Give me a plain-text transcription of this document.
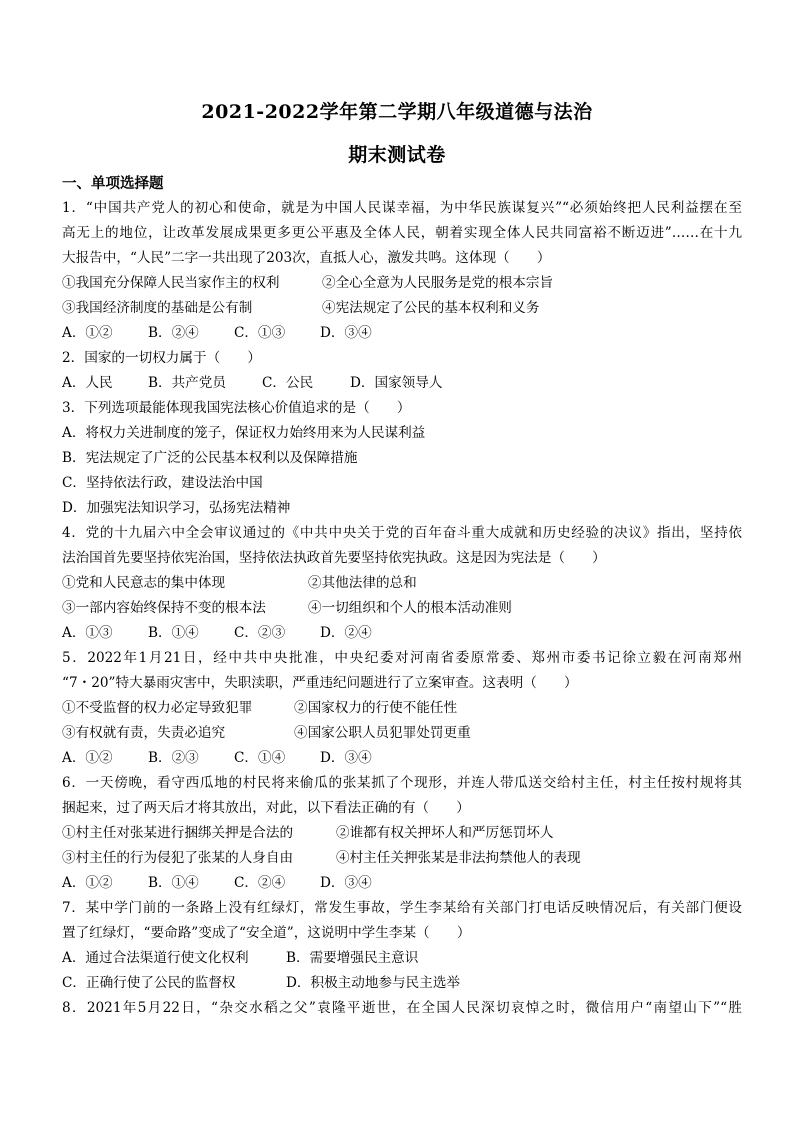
2021-2022学年第二学期八年级道德与法治
期末测试卷
一、单项选择题
1．“中国共产党人的初心和使命，就是为中国人民谋幸福，为中华民族谋复兴”“必须始终把人民利益摆在至
高无上的地位，让改革发展成果更多更公平惠及全体人民，朝着实现全体人民共同富裕不断迈进”……在十九
大报告中，“人民”二字一共出现了203次，直抵人心，激发共鸣。这体现（　　）
①我国充分保障人民当家作主的权利	②全心全意为人民服务是党的根本宗旨
③我国经济制度的基础是公有制	④宪法规定了公民的基本权利和义务
A．①②	B．②④	C．①③	D．③④
2．国家的一切权力属于（　　）
A．人民	B．共产党员	C．公民	D．国家领导人
3．下列选项最能体现我国宪法核心价值追求的是（　　）
A．将权力关进制度的笼子，保证权力始终用来为人民谋利益
B．宪法规定了广泛的公民基本权利以及保障措施
C．坚持依法行政，建设法治中国
D．加强宪法知识学习，弘扬宪法精神
4．党的十九届六中全会审议通过的《中共中央关于党的百年奋斗重大成就和历史经验的决议》指出，坚持依
法治国首先要坚持依宪治国，坚持依法执政首先要坚持依宪执政。这是因为宪法是（　　）
①党和人民意志的集中体现	②其他法律的总和
③一部内容始终保持不变的根本法	④一切组织和个人的根本活动准则
A．①③	B．①④	C．②③	D．②④
5．2022年1月21日，经中共中央批准，中央纪委对河南省委原常委、郑州市委书记徐立毅在河南郑州
“7・20”特大暴雨灾害中，失职渎职，严重违纪问题进行了立案审查。这表明（　　）
①不受监督的权力必定导致犯罪	②国家权力的行使不能任性
③有权就有责，失责必追究	④国家公职人员犯罪处罚更重
A．①②	B．②③	C．①④	D．③④
6．一天傍晚，看守西瓜地的村民将来偷瓜的张某抓了个现形，并连人带瓜送交给村主任，村主任按村规将其
捆起来，过了两天后才将其放出，对此，以下看法正确的有（　　）
①村主任对张某进行捆绑关押是合法的	②谁都有权关押坏人和严厉惩罚坏人
③村主任的行为侵犯了张某的人身自由	④村主任关押张某是非法拘禁他人的表现
A．①②	B．①④	C．②④	D．③④
7．某中学门前的一条路上没有红绿灯，常发生事故，学生李某给有关部门打电话反映情况后，有关部门便设
置了红绿灯，“要命路”变成了“安全道”，这说明中学生李某（　　）
A．通过合法渠道行使文化权利	B．需要增强民主意识
C．正确行使了公民的监督权	D．积极主动地参与民主选举
8．2021年5月22日，“杂交水稻之父”袁隆平逝世，在全国人民深切哀悼之时，微信用户“南望山下”“胜
